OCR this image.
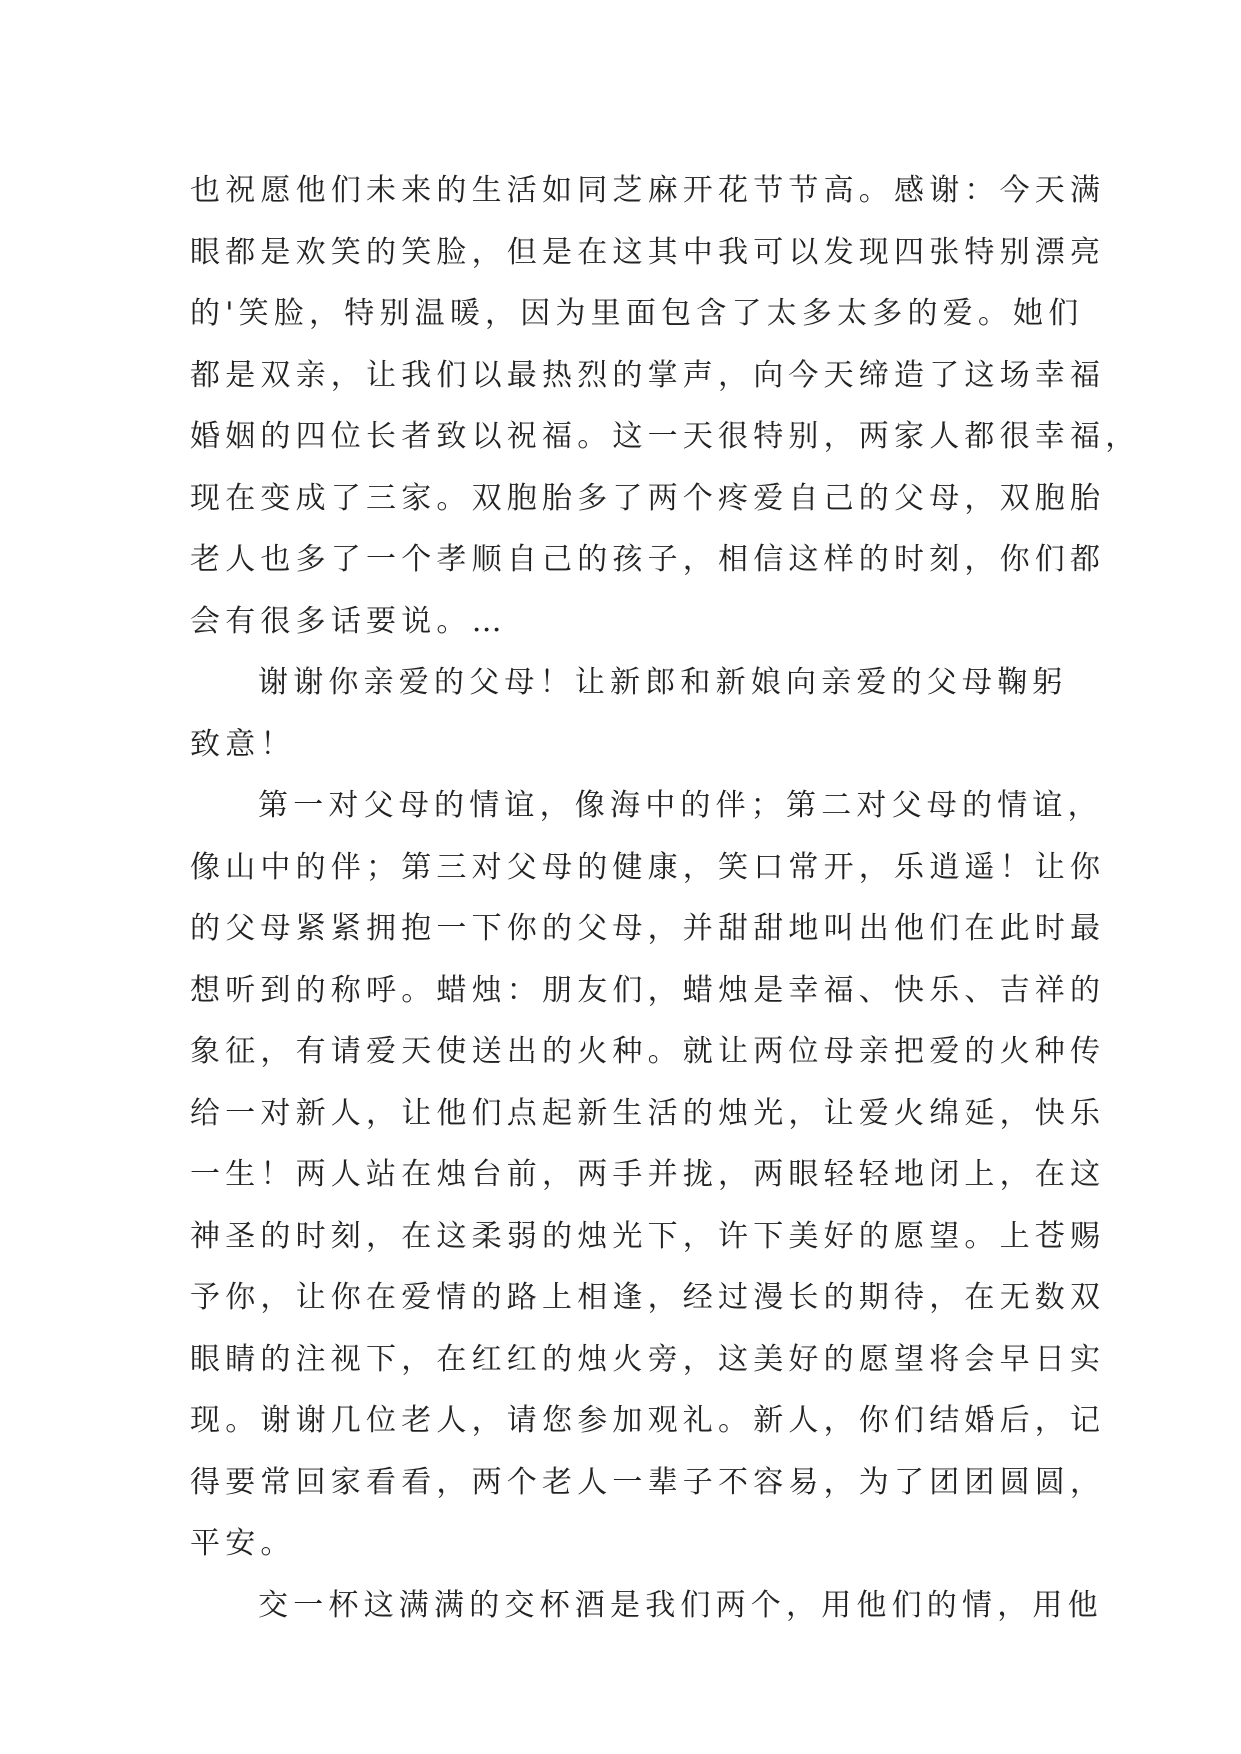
也祝愿他们未来的生活如同芝麻开花节节高。感谢：今天满
眼都是欢笑的笑脸，但是在这其中我可以发现四张特别漂亮
的'笑脸，特别温暖，因为里面包含了太多太多的爱。她们
都是双亲，让我们以最热烈的掌声，向今天缔造了这场幸福
婚姻的四位长者致以祝福。这一天很特别，两家人都很幸福，
现在变成了三家。双胞胎多了两个疼爱自己的父母，双胞胎
老人也多了一个孝顺自己的孩子，相信这样的时刻，你们都
会有很多话要说。…
谢谢你亲爱的父母！让新郎和新娘向亲爱的父母鞠躬
致意！
第一对父母的情谊，像海中的伴；第二对父母的情谊，
像山中的伴；第三对父母的健康，笑口常开，乐逍遥！让你
的父母紧紧拥抱一下你的父母，并甜甜地叫出他们在此时最
想听到的称呼。蜡烛：朋友们，蜡烛是幸福、快乐、吉祥的
象征，有请爱天使送出的火种。就让两位母亲把爱的火种传
给一对新人，让他们点起新生活的烛光，让爱火绵延，快乐
一生！两人站在烛台前，两手并拢，两眼轻轻地闭上，在这
神圣的时刻，在这柔弱的烛光下，许下美好的愿望。上苍赐
予你，让你在爱情的路上相逢，经过漫长的期待，在无数双
眼睛的注视下，在红红的烛火旁，这美好的愿望将会早日实
现。谢谢几位老人，请您参加观礼。新人，你们结婚后，记
得要常回家看看，两个老人一辈子不容易，为了团团圆圆，
平安。
交一杯这满满的交杯酒是我们两个，用他们的情，用他
